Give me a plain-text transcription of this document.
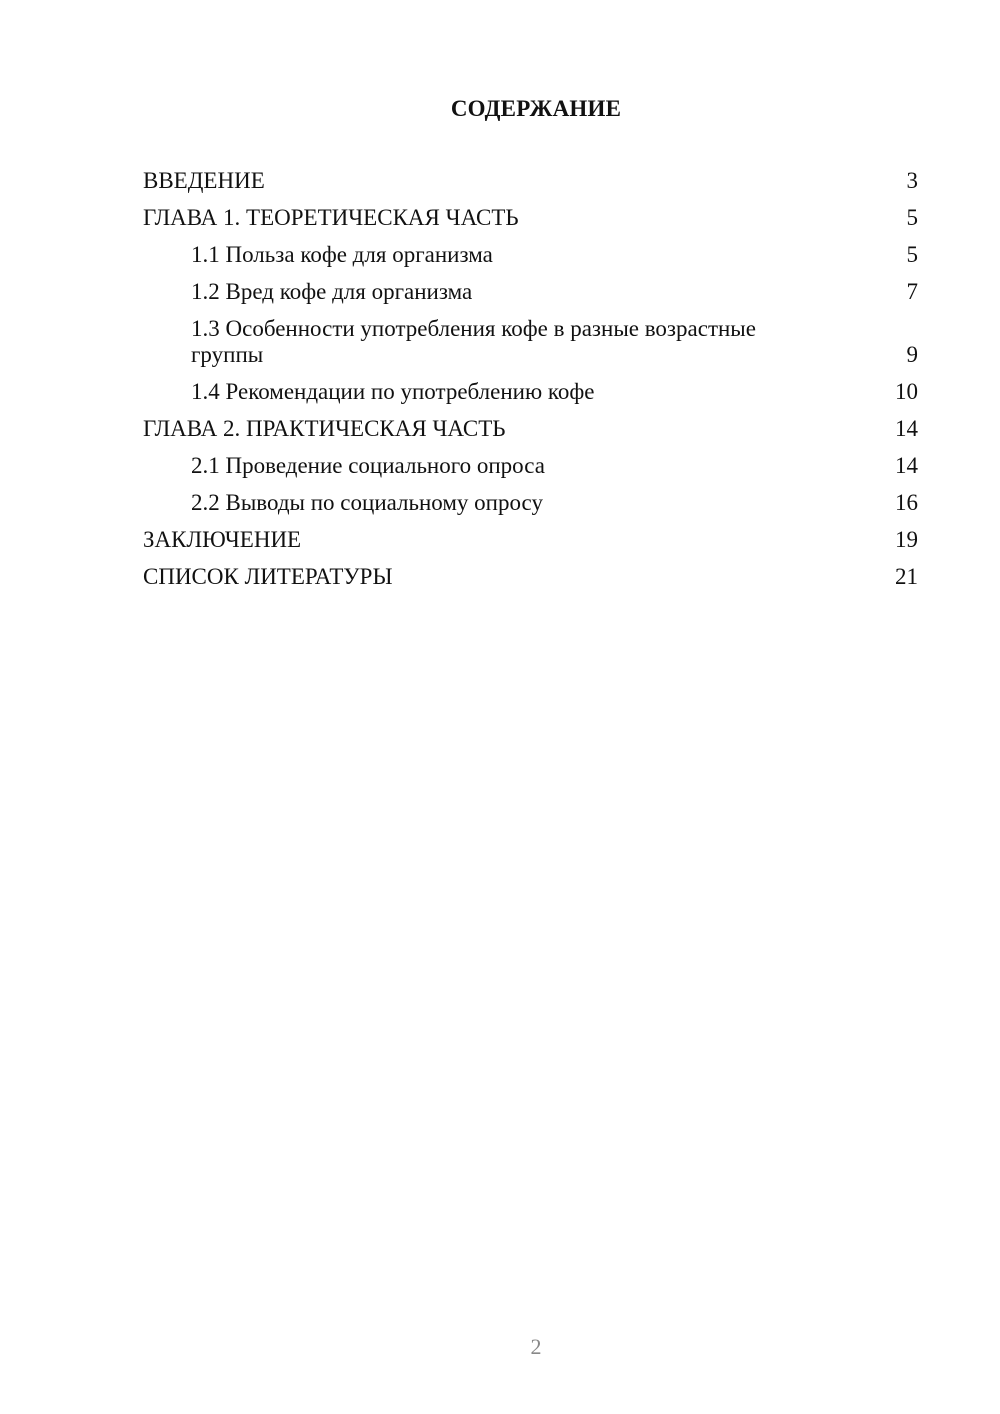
СОДЕРЖАНИЕ
ВВЕДЕНИЕ	3
ГЛАВА 1. ТЕОРЕТИЧЕСКАЯ ЧАСТЬ	5
1.1 Польза кофе для организма	5
1.2 Вред кофе для организма	7
1.3 Особенности употребления кофе в разные возрастные группы	9
1.4 Рекомендации по употреблению кофе	10
ГЛАВА 2. ПРАКТИЧЕСКАЯ ЧАСТЬ	14
2.1 Проведение социального опроса	14
2.2 Выводы по социальному опросу	16
ЗАКЛЮЧЕНИЕ	19
СПИСОК ЛИТЕРАТУРЫ	21
2
